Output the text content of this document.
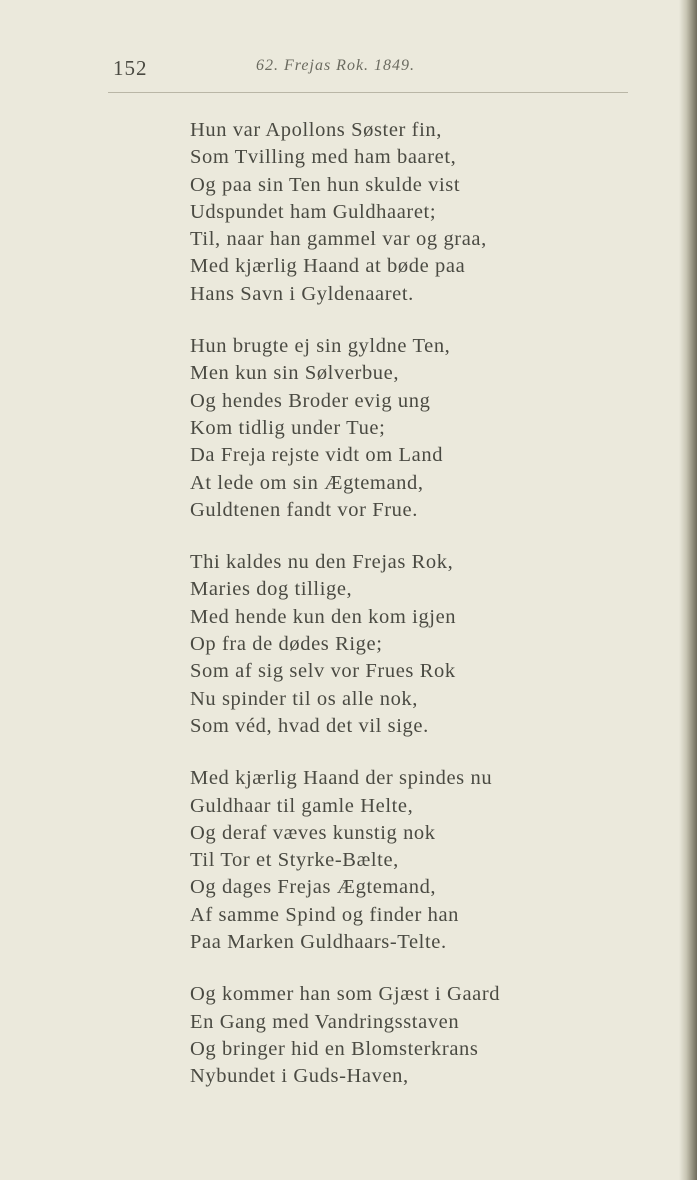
152	62. Frejas Rok. 1849.
Hun var Apollons Søster fin,
Som Tvilling med ham baaret,
Og paa sin Ten hun skulde vist
Udspundet ham Guldhaaret;
Til, naar han gammel var og graa,
Med kjærlig Haand at bøde paa
Hans Savn i Gyldenaaret.
Hun brugte ej sin gyldne Ten,
Men kun sin Sølverbue,
Og hendes Broder evig ung
Kom tidlig under Tue;
Da Freja rejste vidt om Land
At lede om sin Ægtemand,
Guldtenen fandt vor Frue.
Thi kaldes nu den Frejas Rok,
Maries dog tillige,
Med hende kun den kom igjen
Op fra de dødes Rige;
Som af sig selv vor Frues Rok
Nu spinder til os alle nok,
Som véd, hvad det vil sige.
Med kjærlig Haand der spindes nu
Guldhaar til gamle Helte,
Og deraf væves kunstig nok
Til Tor et Styrke-Bælte,
Og dages Frejas Ægtemand,
Af samme Spind og finder han
Paa Marken Guldhaars-Telte.
Og kommer han som Gjæst i Gaard
En Gang med Vandringsstaven
Og bringer hid en Blomsterkrans
Nybundet i Guds-Haven,
